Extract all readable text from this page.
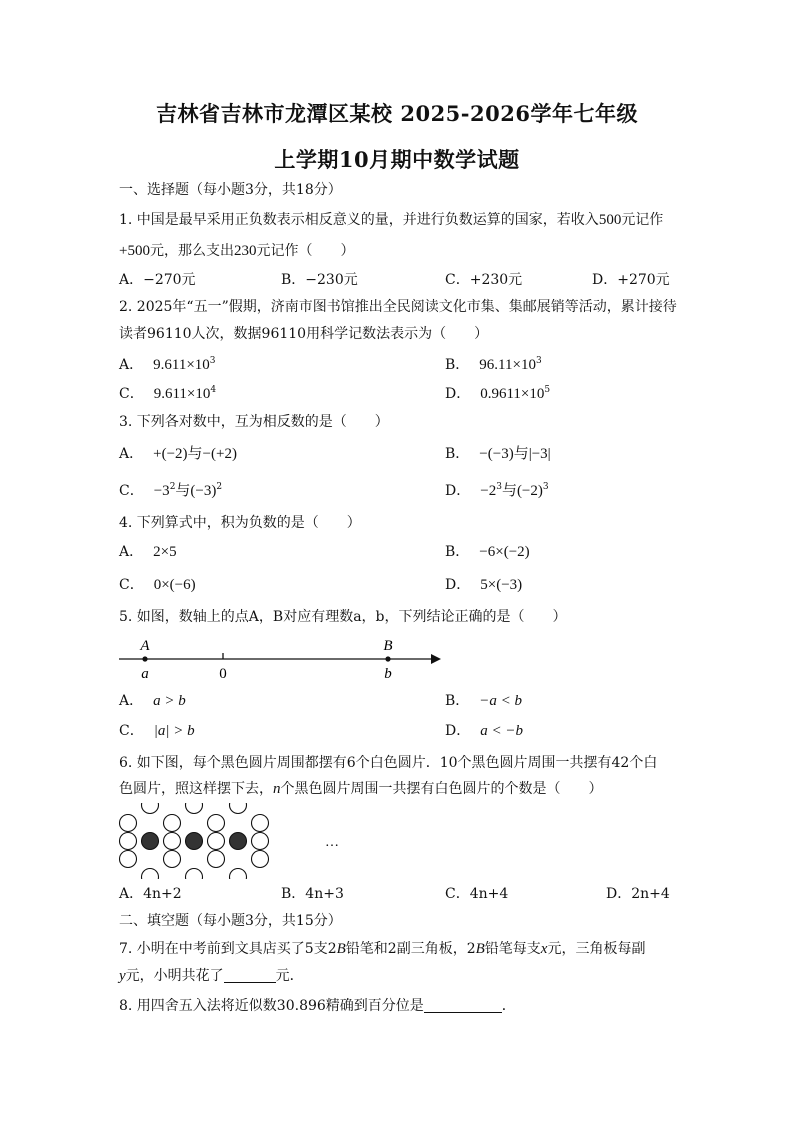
吉林省吉林市龙潭区某校 2025-2026学年七年级
上学期10月期中数学试题
一、选择题（每小题3分，共18分）
1. 中国是最早采用正负数表示相反意义的量，并进行负数运算的国家，若收入500元记作
+500元，那么支出230元记作（　　）
A．−270元	B．−230元	C．+230元	D．+270元
2. 2025年“五一”假期，济南市图书馆推出全民阅读文化市集、集邮展销等活动，累计接待
读者96110人次，数据96110用科学记数法表示为（　　）
A． $9.611\times 10^3$	B． $96.11\times 10^3$
C． $9.611\times 10^4$	D． $0.9611\times 10^5$
3. 下列各对数中，互为相反数的是（　　）
A． +(−2)与−(+2)	B． −(−3)与|−3|
C． $-3^2$与$(-3)^2$	D． $-2^3$与$(-2)^3$
4. 下列算式中，积为负数的是（　　）
A． 2×5	B． −6×(−2)
C． 0×(−6)	D． 5×(−3)
5. 如图，数轴上的点A，B对应有理数a，b，下列结论正确的是（　　）
A
a	0
B
b
A． a > b	B． −a < b
C． |a| > b	D． a < −b
6. 如下图，每个黑色圆片周围都摆有6个白色圆片．10个黑色圆片周围一共摆有42个白
色圆片，照这样摆下去，n个黑色圆片周围一共摆有白色圆片的个数是（　　）
…
A．4n+2	B．4n+3	C．4n+4	D．2n+4
二、填空题（每小题3分，共15分）
7. 小明在中考前到文具店买了5支2B铅笔和2副三角板，2B铅笔每支x元，三角板每副
y元，小明共花了	元．
8. 用四舍五入法将近似数30.896精确到百分位是	．
